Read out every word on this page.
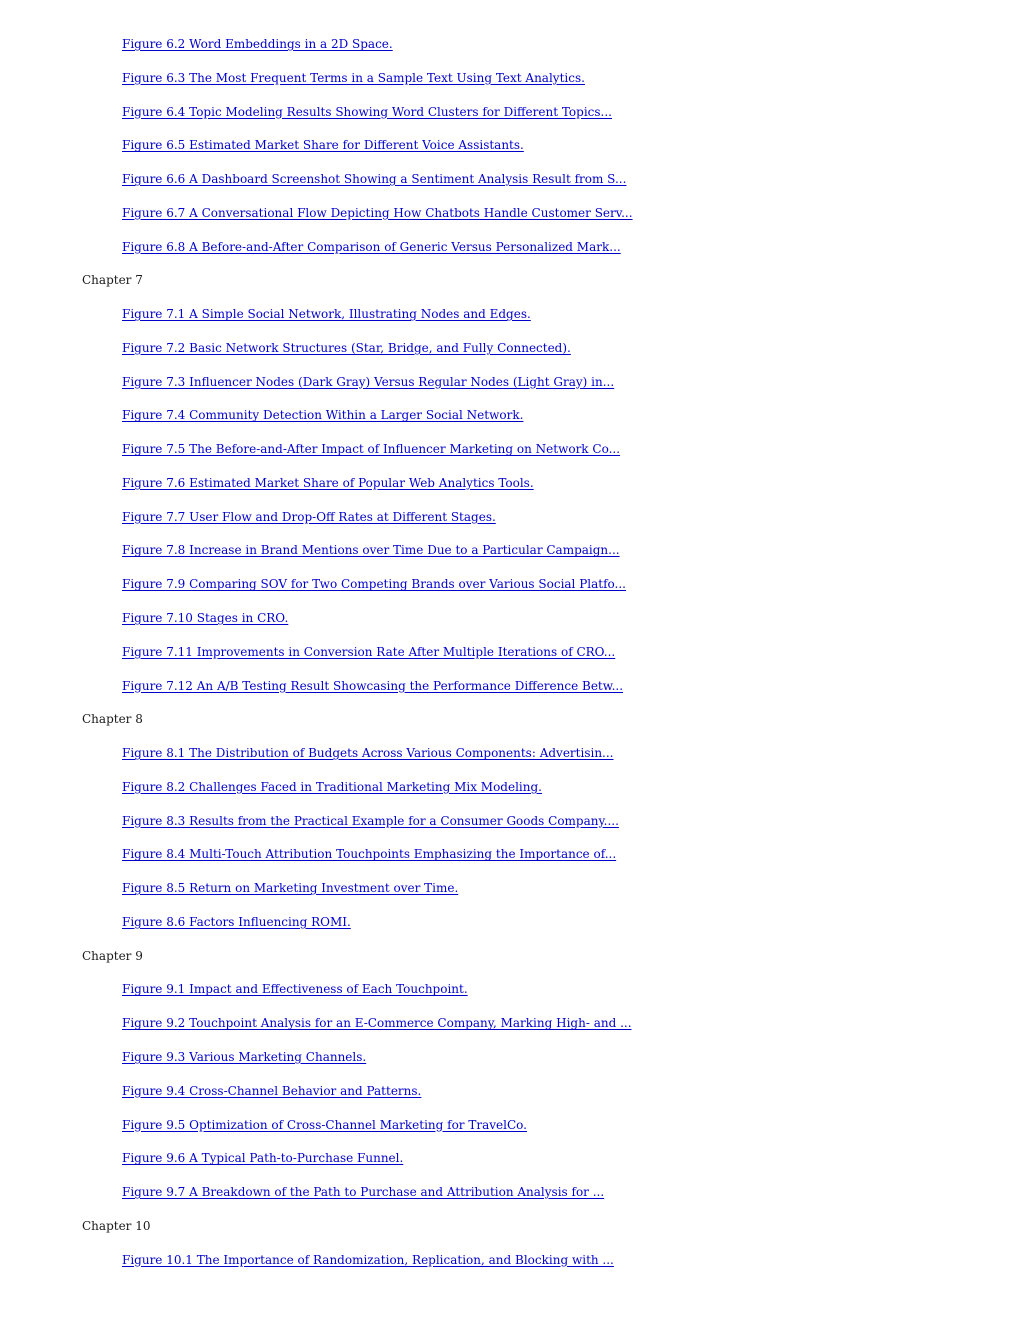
Figure 6.2 Word Embeddings in a 2D Space.
Figure 6.3 The Most Frequent Terms in a Sample Text Using Text Analytics.
Figure 6.4 Topic Modeling Results Showing Word Clusters for Different Topics...
Figure 6.5 Estimated Market Share for Different Voice Assistants.
Figure 6.6 A Dashboard Screenshot Showing a Sentiment Analysis Result from S...
Figure 6.7 A Conversational Flow Depicting How Chatbots Handle Customer Serv...
Figure 6.8 A Before-and-After Comparison of Generic Versus Personalized Mark...
Chapter 7
Figure 7.1 A Simple Social Network, Illustrating Nodes and Edges.
Figure 7.2 Basic Network Structures (Star, Bridge, and Fully Connected).
Figure 7.3 Influencer Nodes (Dark Gray) Versus Regular Nodes (Light Gray) in...
Figure 7.4 Community Detection Within a Larger Social Network.
Figure 7.5 The Before-and-After Impact of Influencer Marketing on Network Co...
Figure 7.6 Estimated Market Share of Popular Web Analytics Tools.
Figure 7.7 User Flow and Drop-Off Rates at Different Stages.
Figure 7.8 Increase in Brand Mentions over Time Due to a Particular Campaign...
Figure 7.9 Comparing SOV for Two Competing Brands over Various Social Platfo...
Figure 7.10 Stages in CRO.
Figure 7.11 Improvements in Conversion Rate After Multiple Iterations of CRO...
Figure 7.12 An A/B Testing Result Showcasing the Performance Difference Betw...
Chapter 8
Figure 8.1 The Distribution of Budgets Across Various Components: Advertisin...
Figure 8.2 Challenges Faced in Traditional Marketing Mix Modeling.
Figure 8.3 Results from the Practical Example for a Consumer Goods Company....
Figure 8.4 Multi-Touch Attribution Touchpoints Emphasizing the Importance of...
Figure 8.5 Return on Marketing Investment over Time.
Figure 8.6 Factors Influencing ROMI.
Chapter 9
Figure 9.1 Impact and Effectiveness of Each Touchpoint.
Figure 9.2 Touchpoint Analysis for an E-Commerce Company, Marking High- and ...
Figure 9.3 Various Marketing Channels.
Figure 9.4 Cross-Channel Behavior and Patterns.
Figure 9.5 Optimization of Cross-Channel Marketing for TravelCo.
Figure 9.6 A Typical Path-to-Purchase Funnel.
Figure 9.7 A Breakdown of the Path to Purchase and Attribution Analysis for ...
Chapter 10
Figure 10.1 The Importance of Randomization, Replication, and Blocking with ...
